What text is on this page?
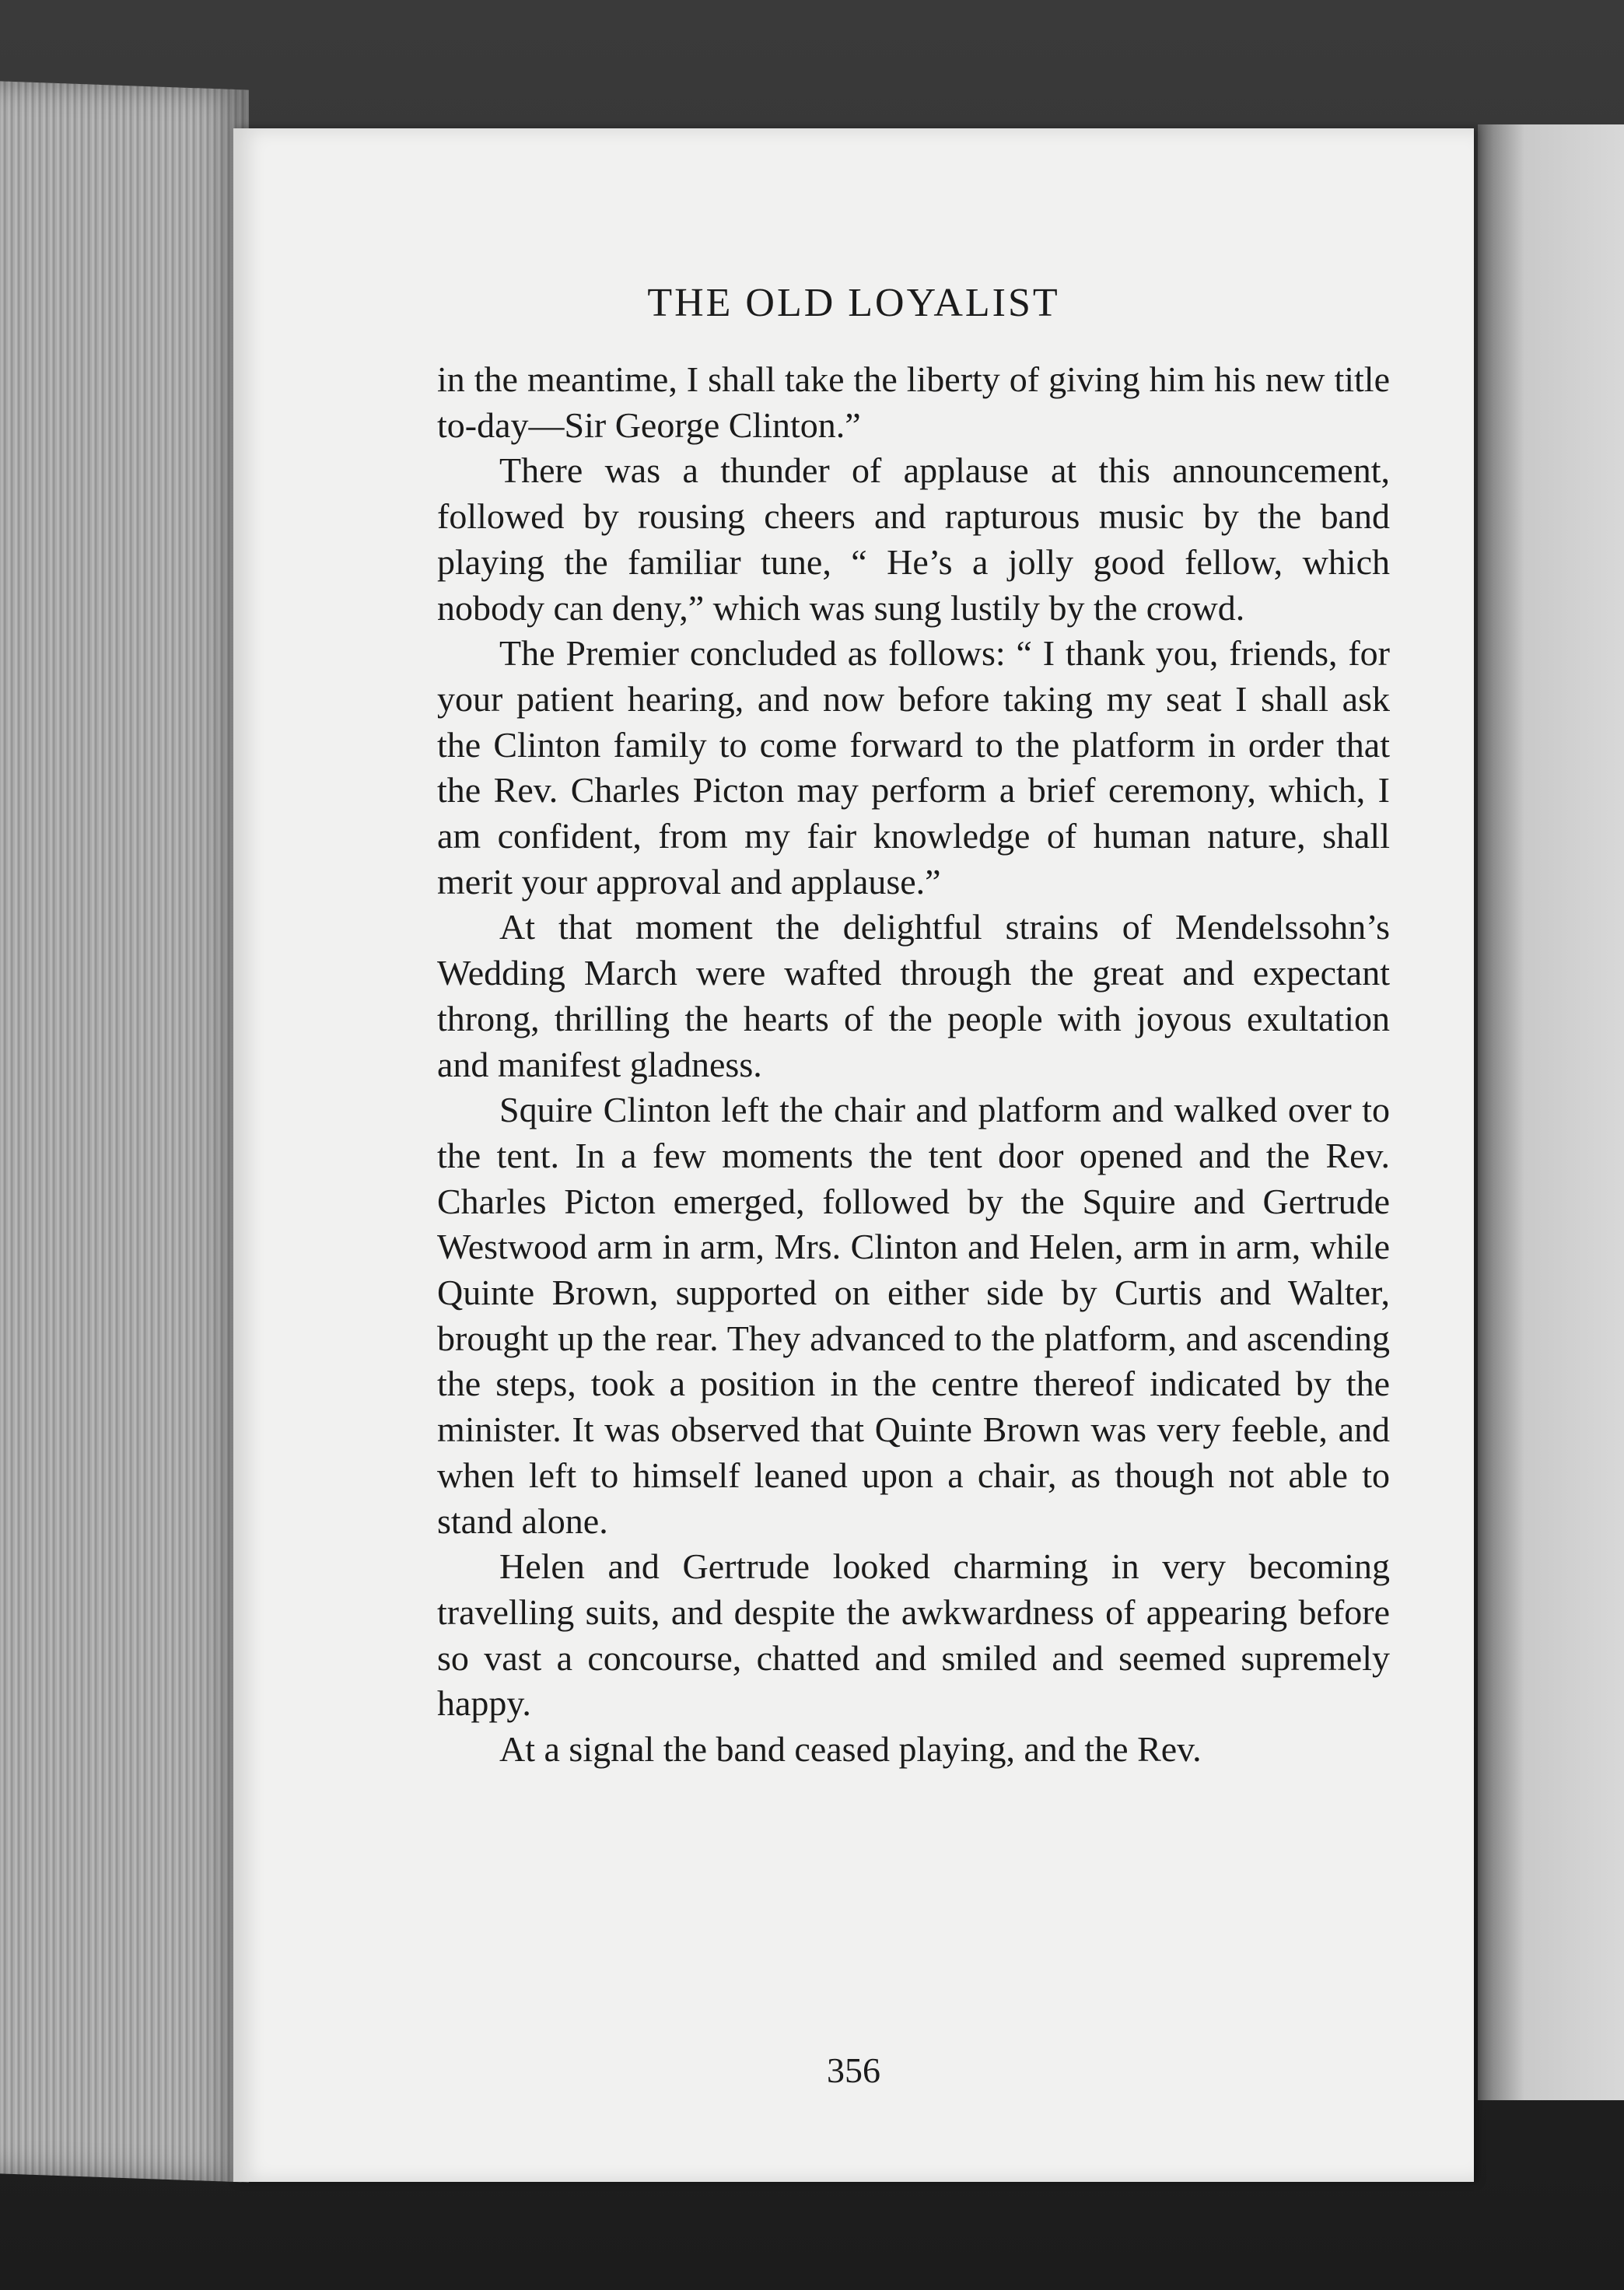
THE OLD LOYALIST

in the meantime, I shall take the liberty of giving him his new title to-day—Sir George Clinton.”

There was a thunder of applause at this announcement, followed by rousing cheers and rapturous music by the band playing the familiar tune, “ He’s a jolly good fellow, which nobody can deny,” which was sung lustily by the crowd.

The Premier concluded as follows: “ I thank you, friends, for your patient hearing, and now before taking my seat I shall ask the Clinton family to come forward to the platform in order that the Rev. Charles Picton may perform a brief ceremony, which, I am confident, from my fair knowledge of human nature, shall merit your approval and applause.”

At that moment the delightful strains of Mendelssohn’s Wedding March were wafted through the great and expectant throng, thrilling the hearts of the people with joyous exultation and manifest gladness.

Squire Clinton left the chair and platform and walked over to the tent. In a few moments the tent door opened and the Rev. Charles Picton emerged, followed by the Squire and Gertrude Westwood arm in arm, Mrs. Clinton and Helen, arm in arm, while Quinte Brown, supported on either side by Curtis and Walter, brought up the rear. They advanced to the platform, and ascending the steps, took a position in the centre thereof indicated by the minister. It was observed that Quinte Brown was very feeble, and when left to himself leaned upon a chair, as though not able to stand alone.

Helen and Gertrude looked charming in very becoming travelling suits, and despite the awkwardness of appearing before so vast a concourse, chatted and smiled and seemed supremely happy.

At a signal the band ceased playing, and the Rev.

356
